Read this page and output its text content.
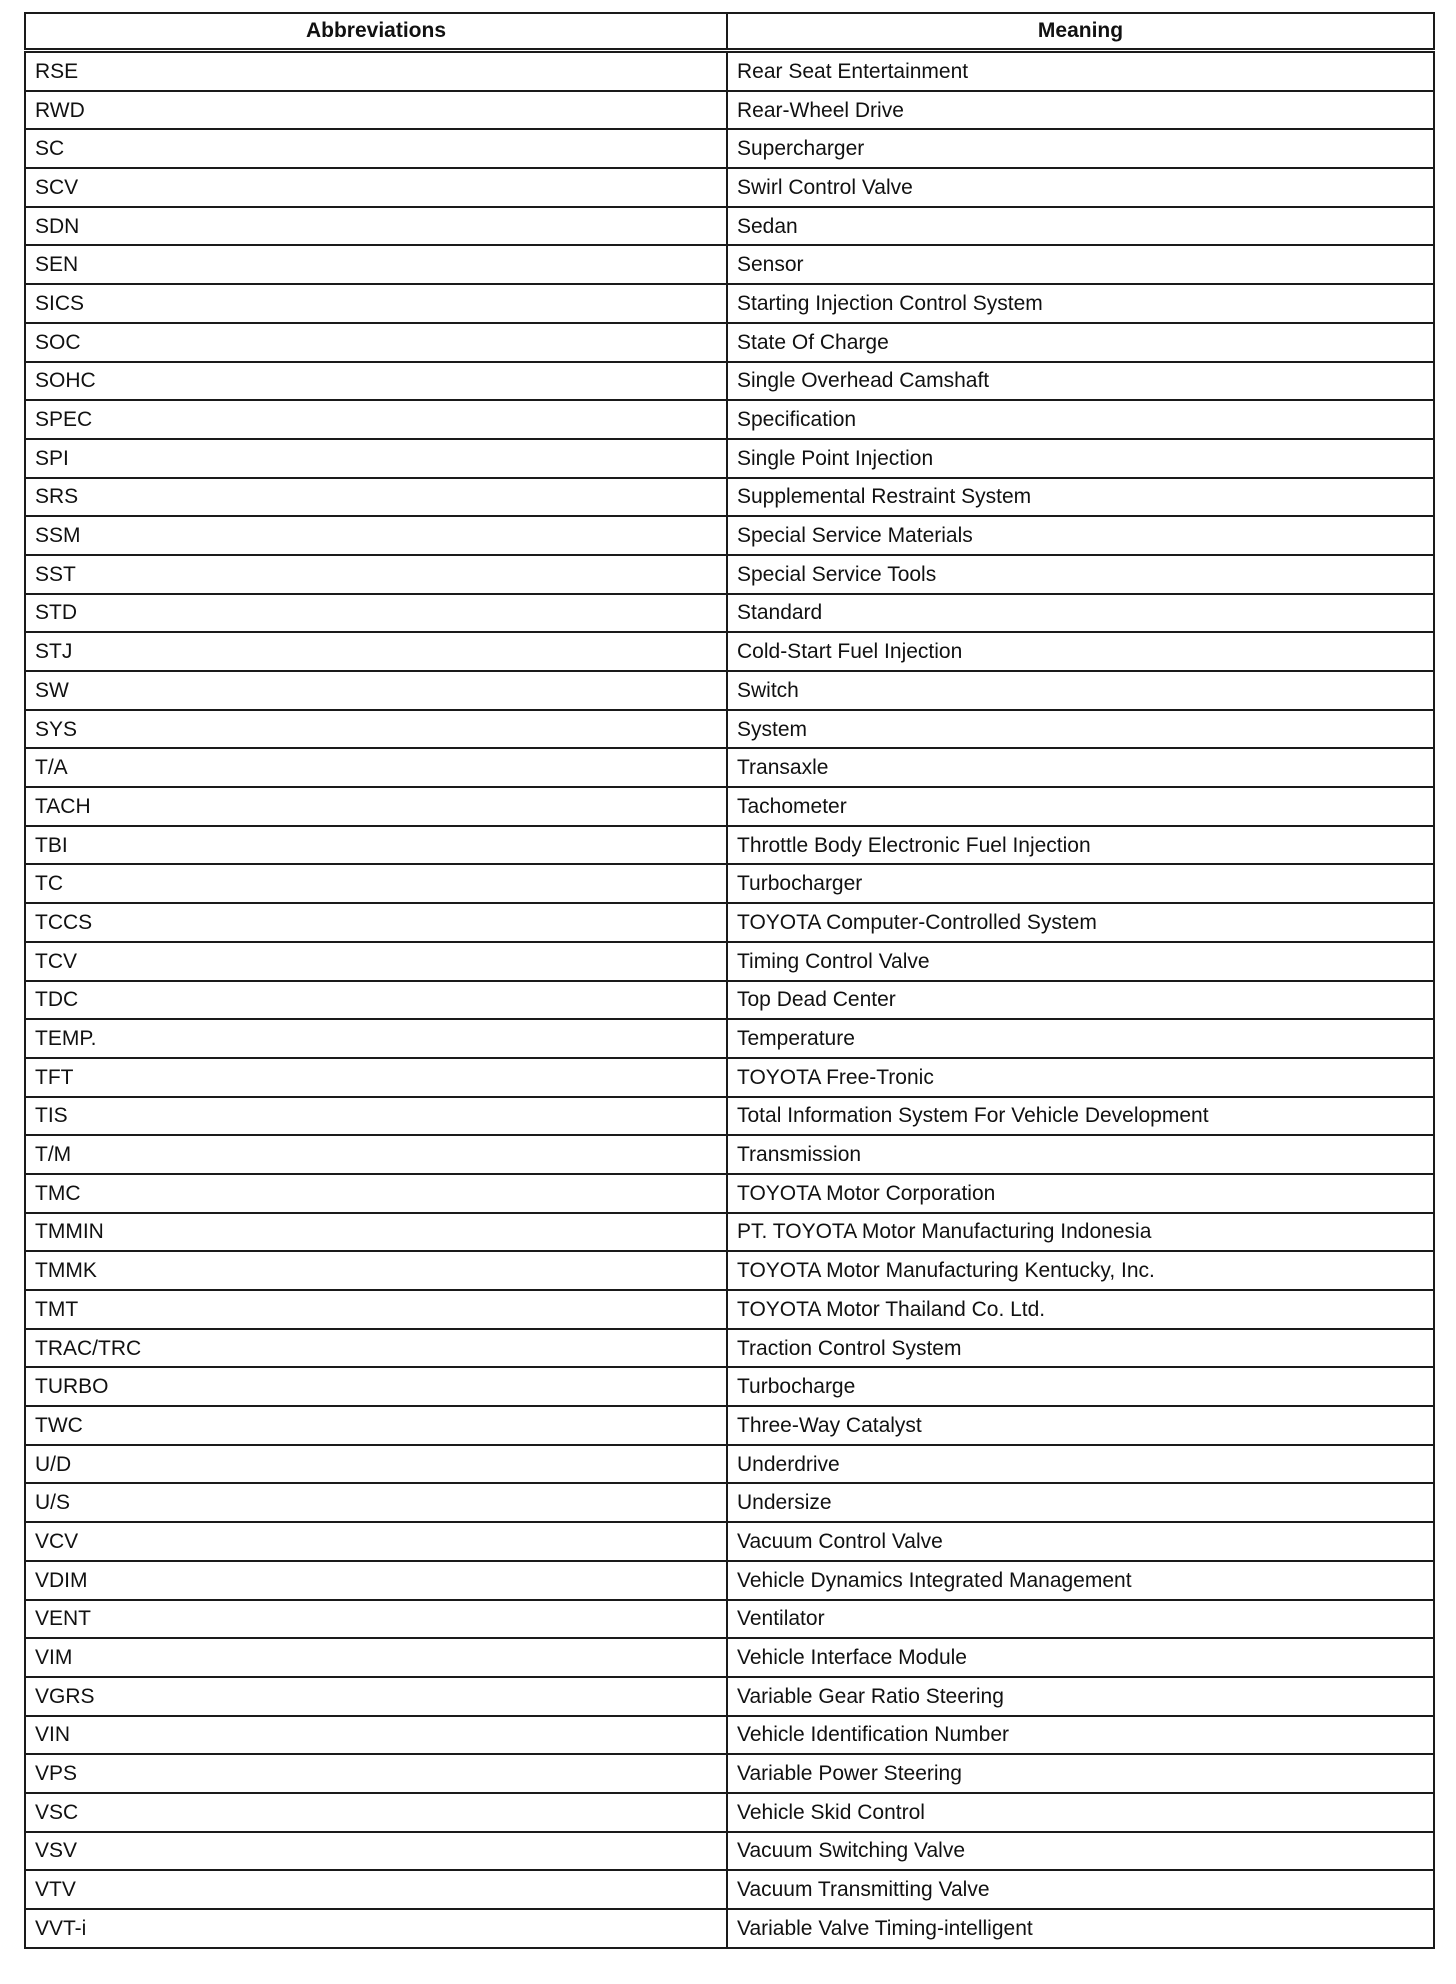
Abbreviations	Meaning
RSE	Rear Seat Entertainment
RWD	Rear-Wheel Drive
SC	Supercharger
SCV	Swirl Control Valve
SDN	Sedan
SEN	Sensor
SICS	Starting Injection Control System
SOC	State Of Charge
SOHC	Single Overhead Camshaft
SPEC	Specification
SPI	Single Point Injection
SRS	Supplemental Restraint System
SSM	Special Service Materials
SST	Special Service Tools
STD	Standard
STJ	Cold-Start Fuel Injection
SW	Switch
SYS	System
T/A	Transaxle
TACH	Tachometer
TBI	Throttle Body Electronic Fuel Injection
TC	Turbocharger
TCCS	TOYOTA Computer-Controlled System
TCV	Timing Control Valve
TDC	Top Dead Center
TEMP.	Temperature
TFT	TOYOTA Free-Tronic
TIS	Total Information System For Vehicle Development
T/M	Transmission
TMC	TOYOTA Motor Corporation
TMMIN	PT. TOYOTA Motor Manufacturing Indonesia
TMMK	TOYOTA Motor Manufacturing Kentucky, Inc.
TMT	TOYOTA Motor Thailand Co. Ltd.
TRAC/TRC	Traction Control System
TURBO	Turbocharge
TWC	Three-Way Catalyst
U/D	Underdrive
U/S	Undersize
VCV	Vacuum Control Valve
VDIM	Vehicle Dynamics Integrated Management
VENT	Ventilator
VIM	Vehicle Interface Module
VGRS	Variable Gear Ratio Steering
VIN	Vehicle Identification Number
VPS	Variable Power Steering
VSC	Vehicle Skid Control
VSV	Vacuum Switching Valve
VTV	Vacuum Transmitting Valve
VVT-i	Variable Valve Timing-intelligent
